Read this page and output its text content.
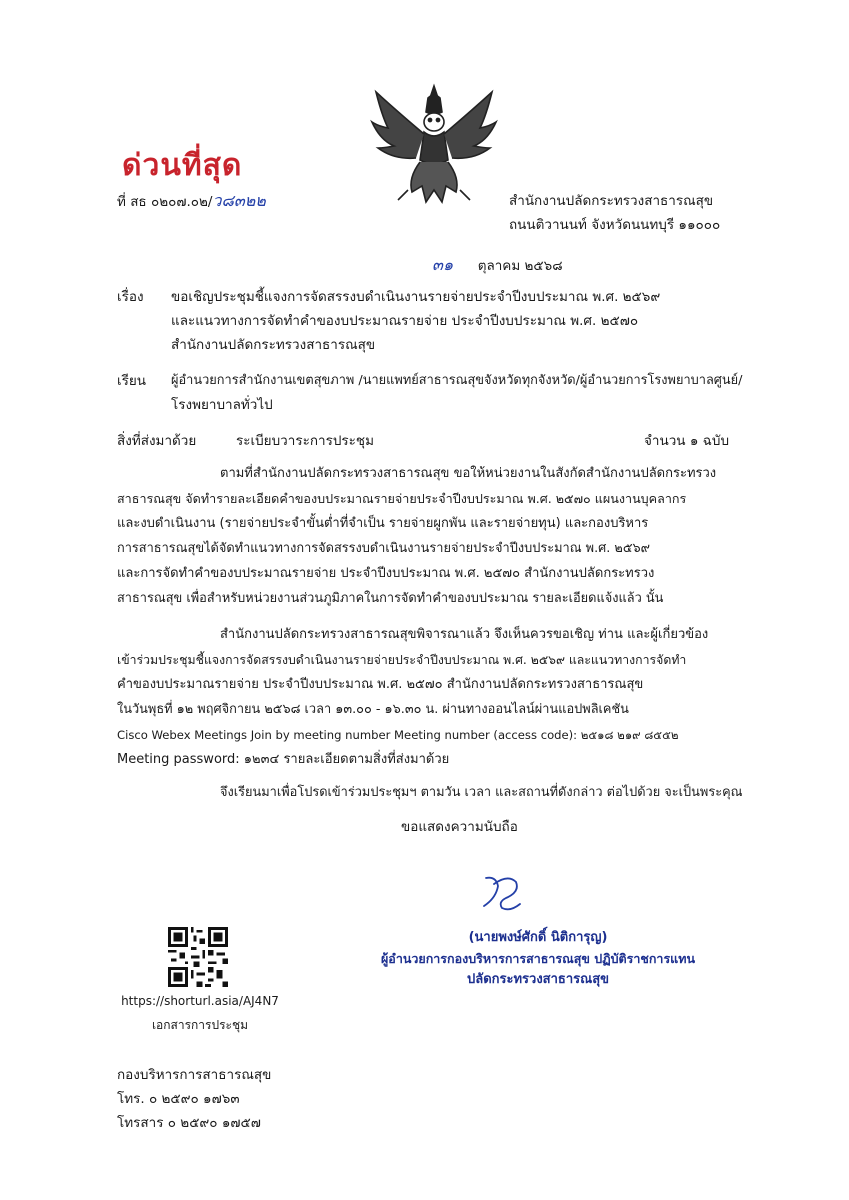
ด่วนที่สุด
ที่ สธ ๐๒๐๗.๐๒/ว๘๓๒๒	สำนักงานปลัดกระทรวงสาธารณสุข
ถนนติวานนท์ จังหวัดนนทบุรี ๑๑๐๐๐
๓๑ ตุลาคม ๒๕๖๘
เรื่อง ขอเชิญประชุมชี้แจงการจัดสรรงบดำเนินงานรายจ่ายประจำปีงบประมาณ พ.ศ. ๒๕๖๙
และแนวทางการจัดทำคำของบประมาณรายจ่าย ประจำปีงบประมาณ พ.ศ. ๒๕๗๐
สำนักงานปลัดกระทรวงสาธารณสุข
เรียน ผู้อำนวยการสำนักงานเขตสุขภาพ /นายแพทย์สาธารณสุขจังหวัดทุกจังหวัด/ผู้อำนวยการโรงพยาบาลศูนย์/
โรงพยาบาลทั่วไป
สิ่งที่ส่งมาด้วย	ระเบียบวาระการประชุม	จำนวน ๑ ฉบับ
ตามที่สำนักงานปลัดกระทรวงสาธารณสุข ขอให้หน่วยงานในสังกัดสำนักงานปลัดกระทรวง
สาธารณสุข จัดทำรายละเอียดคำของบประมาณรายจ่ายประจำปีงบประมาณ พ.ศ. ๒๕๗๐ แผนงานบุคลากร
และงบดำเนินงาน (รายจ่ายประจำขั้นต่ำที่จำเป็น รายจ่ายผูกพัน และรายจ่ายทุน) และกองบริหาร
การสาธารณสุขได้จัดทำแนวทางการจัดสรรงบดำเนินงานรายจ่ายประจำปีงบประมาณ พ.ศ. ๒๕๖๙
และการจัดทำคำของบประมาณรายจ่าย ประจำปีงบประมาณ พ.ศ. ๒๕๗๐ สำนักงานปลัดกระทรวง
สาธารณสุข เพื่อสำหรับหน่วยงานส่วนภูมิภาคในการจัดทำคำของบประมาณ รายละเอียดแจ้งแล้ว นั้น
สำนักงานปลัดกระทรวงสาธารณสุขพิจารณาแล้ว จึงเห็นควรขอเชิญ ท่าน และผู้เกี่ยวข้อง
เข้าร่วมประชุมชี้แจงการจัดสรรงบดำเนินงานรายจ่ายประจำปีงบประมาณ พ.ศ. ๒๕๖๙ และแนวทางการจัดทำ
คำของบประมาณรายจ่าย ประจำปีงบประมาณ พ.ศ. ๒๕๗๐ สำนักงานปลัดกระทรวงสาธารณสุข
ในวันพุธที่ ๑๒ พฤศจิกายน ๒๕๖๘ เวลา ๑๓.๐๐ - ๑๖.๓๐ น. ผ่านทางออนไลน์ผ่านแอปพลิเคชัน
Cisco Webex Meetings Join by meeting number Meeting number (access code): ๒๕๑๘ ๒๑๙ ๘๕๕๒
Meeting password: ๑๒๓๔ รายละเอียดตามสิ่งที่ส่งมาด้วย
จึงเรียนมาเพื่อโปรดเข้าร่วมประชุมฯ ตามวัน เวลา และสถานที่ดังกล่าว ต่อไปด้วย จะเป็นพระคุณ
ขอแสดงความนับถือ
(นายพงษ์ศักดิ์ นิติการุญ)
ผู้อำนวยการกองบริหารการสาธารณสุข ปฏิบัติราชการแทน
ปลัดกระทรวงสาธารณสุข
https://shorturl.asia/AJ4N7
เอกสารการประชุม
กองบริหารการสาธารณสุข
โทร. ๐ ๒๕๙๐ ๑๗๖๓
โทรสาร ๐ ๒๕๙๐ ๑๗๕๗
